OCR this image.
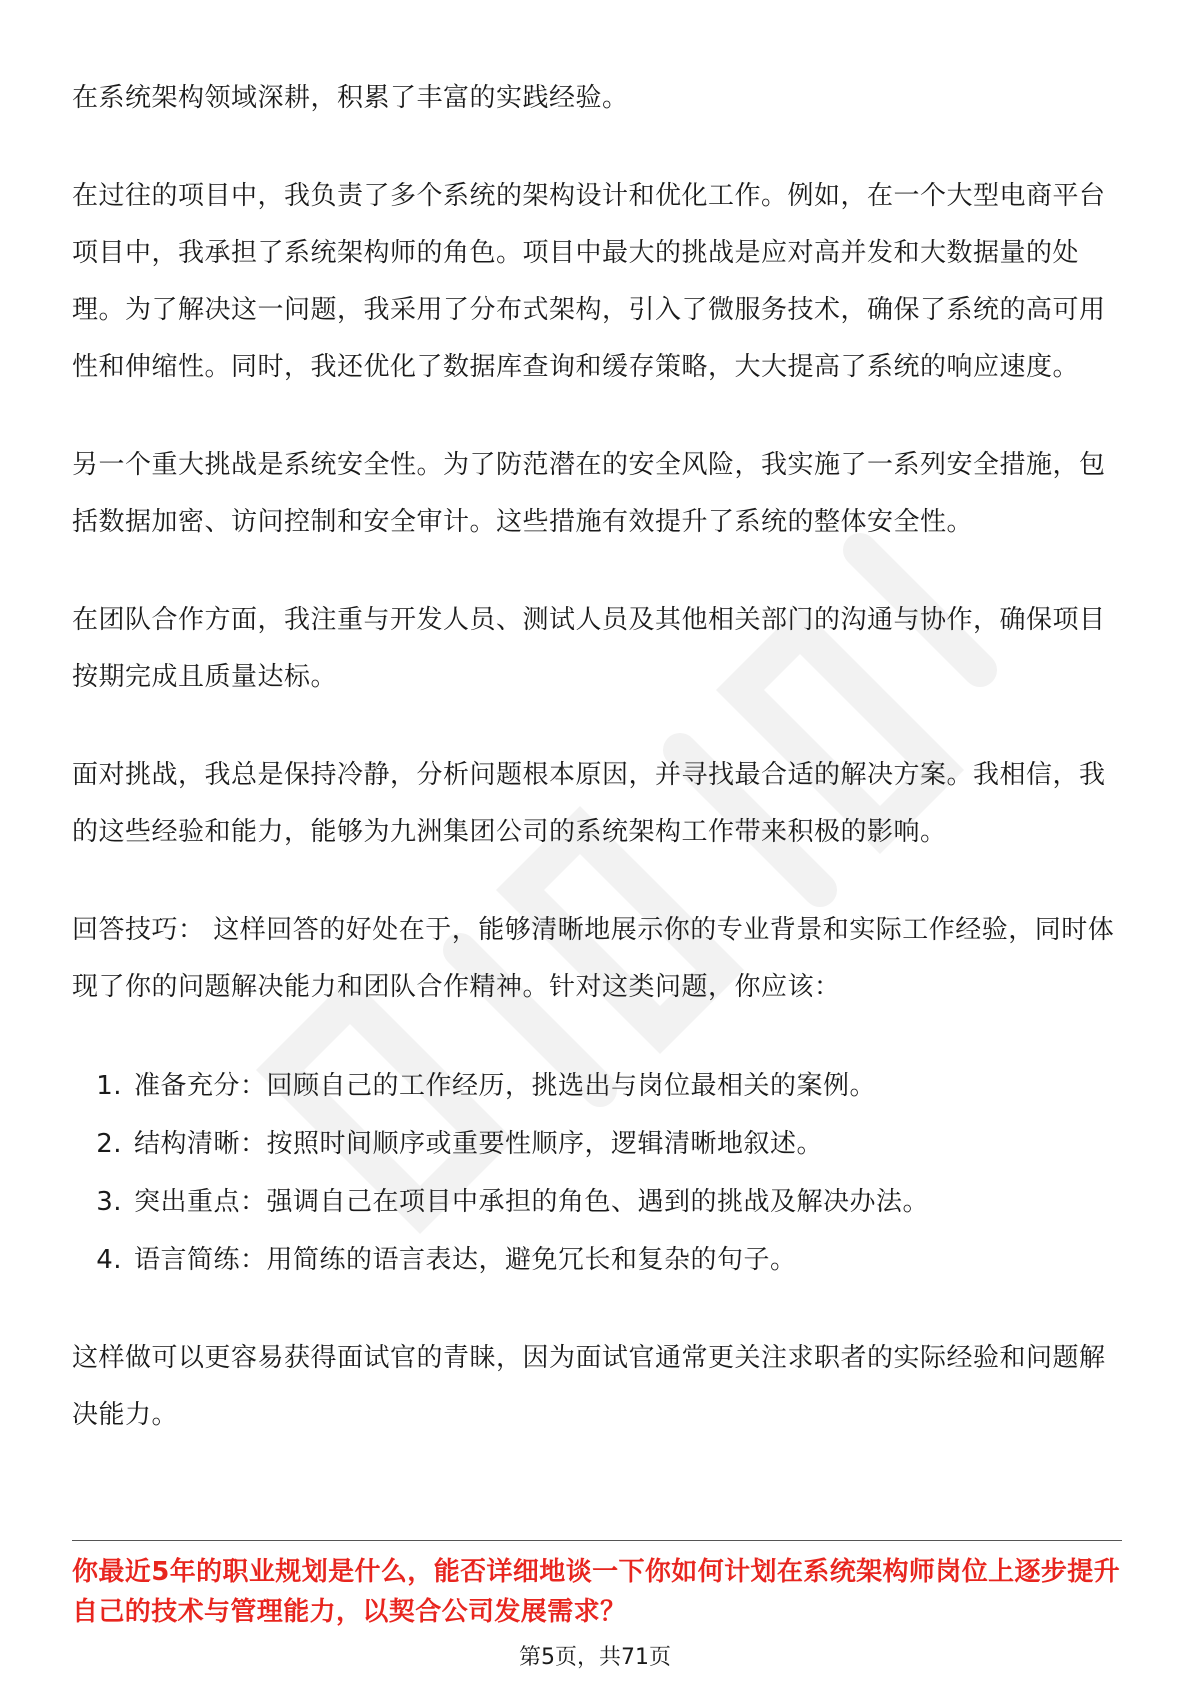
在系统架构领域深耕，积累了丰富的实践经验。

在过往的项目中，我负责了多个系统的架构设计和优化工作。例如，在一个大型电商平台项目中，我承担了系统架构师的角色。项目中最大的挑战是应对高并发和大数据量的处理。为了解决这一问题，我采用了分布式架构，引入了微服务技术，确保了系统的高可用性和伸缩性。同时，我还优化了数据库查询和缓存策略，大大提高了系统的响应速度。

另一个重大挑战是系统安全性。为了防范潜在的安全风险，我实施了一系列安全措施，包括数据加密、访问控制和安全审计。这些措施有效提升了系统的整体安全性。

在团队合作方面，我注重与开发人员、测试人员及其他相关部门的沟通与协作，确保项目按期完成且质量达标。

面对挑战，我总是保持冷静，分析问题根本原因，并寻找最合适的解决方案。我相信，我的这些经验和能力，能够为九洲集团公司的系统架构工作带来积极的影响。

回答技巧： 这样回答的好处在于，能够清晰地展示你的专业背景和实际工作经验，同时体现了你的问题解决能力和团队合作精神。针对这类问题，你应该：

1. 准备充分：回顾自己的工作经历，挑选出与岗位最相关的案例。
2. 结构清晰：按照时间顺序或重要性顺序，逻辑清晰地叙述。
3. 突出重点：强调自己在项目中承担的角色、遇到的挑战及解决办法。
4. 语言简练：用简练的语言表达，避免冗长和复杂的句子。

这样做可以更容易获得面试官的青睐，因为面试官通常更关注求职者的实际经验和问题解决能力。

你最近5年的职业规划是什么，能否详细地谈一下你如何计划在系统架构师岗位上逐步提升自己的技术与管理能力，以契合公司发展需求？

第5页，共71页
